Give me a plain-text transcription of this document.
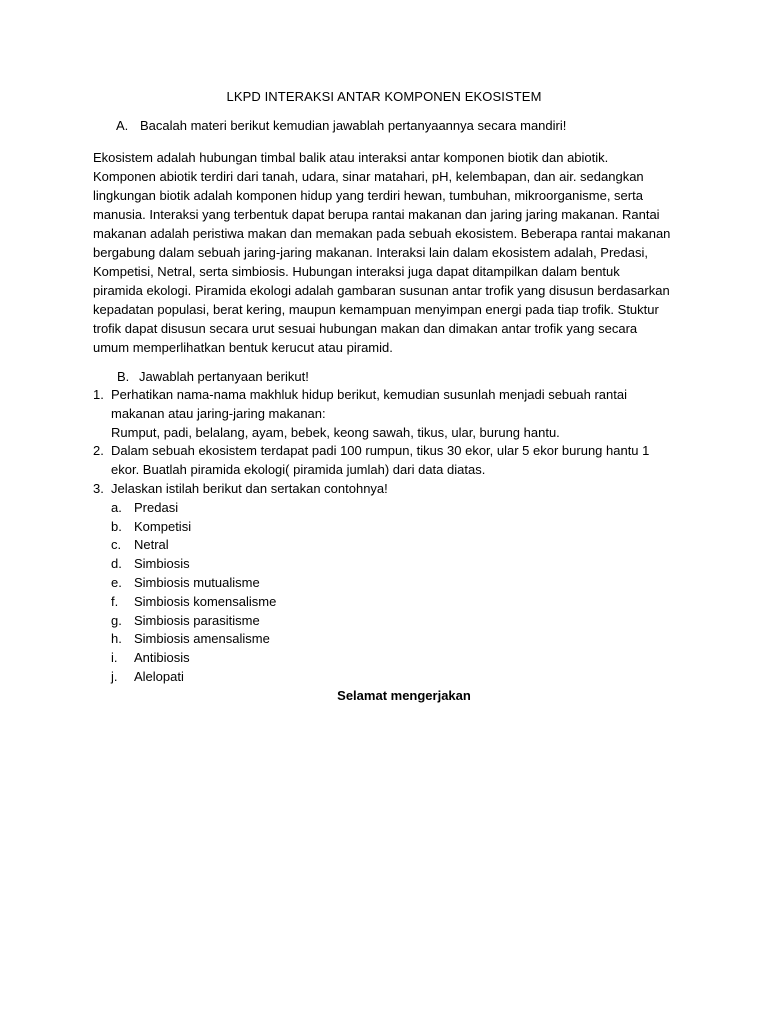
LKPD INTERAKSI ANTAR KOMPONEN EKOSISTEM
A. Bacalah materi berikut kemudian jawablah pertanyaannya secara mandiri!
Ekosistem adalah hubungan timbal balik atau interaksi antar komponen biotik dan abiotik.
Komponen abiotik terdiri dari tanah, udara, sinar matahari, pH, kelembapan, dan air. sedangkan
lingkungan biotik adalah komponen hidup yang terdiri hewan, tumbuhan, mikroorganisme, serta
manusia. Interaksi yang terbentuk dapat berupa rantai makanan dan jaring jaring makanan. Rantai
makanan adalah peristiwa makan dan memakan pada sebuah ekosistem. Beberapa rantai makanan
bergabung dalam sebuah jaring-jaring makanan. Interaksi lain dalam ekosistem adalah, Predasi,
Kompetisi, Netral, serta simbiosis. Hubungan interaksi juga dapat ditampilkan dalam bentuk
piramida ekologi. Piramida ekologi adalah gambaran susunan antar trofik yang disusun berdasarkan
kepadatan populasi, berat kering, maupun kemampuan menyimpan energi pada tiap trofik. Stuktur
trofik dapat disusun secara urut sesuai hubungan makan dan dimakan antar trofik yang secara
umum memperlihatkan bentuk kerucut atau piramid.
B. Jawablah pertanyaan berikut!
1. Perhatikan nama-nama makhluk hidup berikut, kemudian susunlah menjadi sebuah rantai
makanan atau jaring-jaring makanan:
Rumput, padi, belalang, ayam, bebek, keong sawah, tikus, ular, burung hantu.
2. Dalam sebuah ekosistem terdapat padi 100 rumpun, tikus 30 ekor, ular 5 ekor burung hantu 1
ekor. Buatlah piramida ekologi( piramida jumlah) dari data diatas.
3. Jelaskan istilah berikut dan sertakan contohnya!
a. Predasi
b. Kompetisi
c. Netral
d. Simbiosis
e. Simbiosis mutualisme
f. Simbiosis komensalisme
g. Simbiosis parasitisme
h. Simbiosis amensalisme
i. Antibiosis
j. Alelopati
Selamat mengerjakan
